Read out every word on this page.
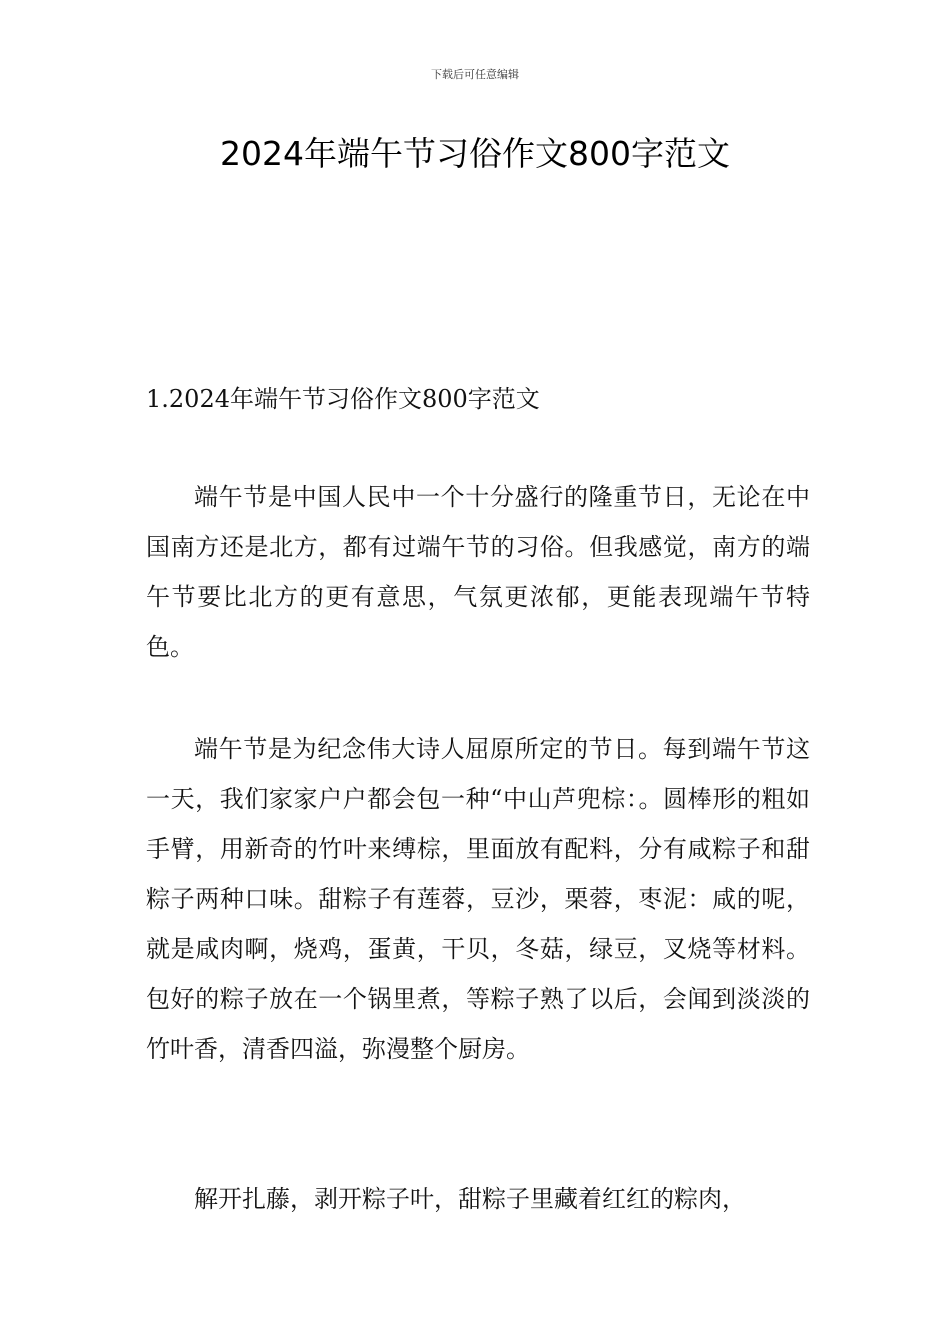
下载后可任意编辑
2024年端午节习俗作文800字范文

1.2024年端午节习俗作文800字范文

端午节是中国人民中一个十分盛行的隆重节日，无论在中国南方还是北方，都有过端午节的习俗。但我感觉，南方的端午节要比北方的更有意思，气氛更浓郁，更能表现端午节特色。

端午节是为纪念伟大诗人屈原所定的节日。每到端午节这一天，我们家家户户都会包一种“中山芦兜棕：。圆棒形的粗如手臂，用新奇的竹叶来缚棕，里面放有配料，分有咸粽子和甜粽子两种口味。甜粽子有莲蓉，豆沙，栗蓉，枣泥：咸的呢，就是咸肉啊，烧鸡，蛋黄，干贝，冬菇，绿豆，叉烧等材料。包好的粽子放在一个锅里煮，等粽子熟了以后，会闻到淡淡的竹叶香，清香四溢，弥漫整个厨房。

解开扎藤，剥开粽子叶，甜粽子里藏着红红的粽肉，
